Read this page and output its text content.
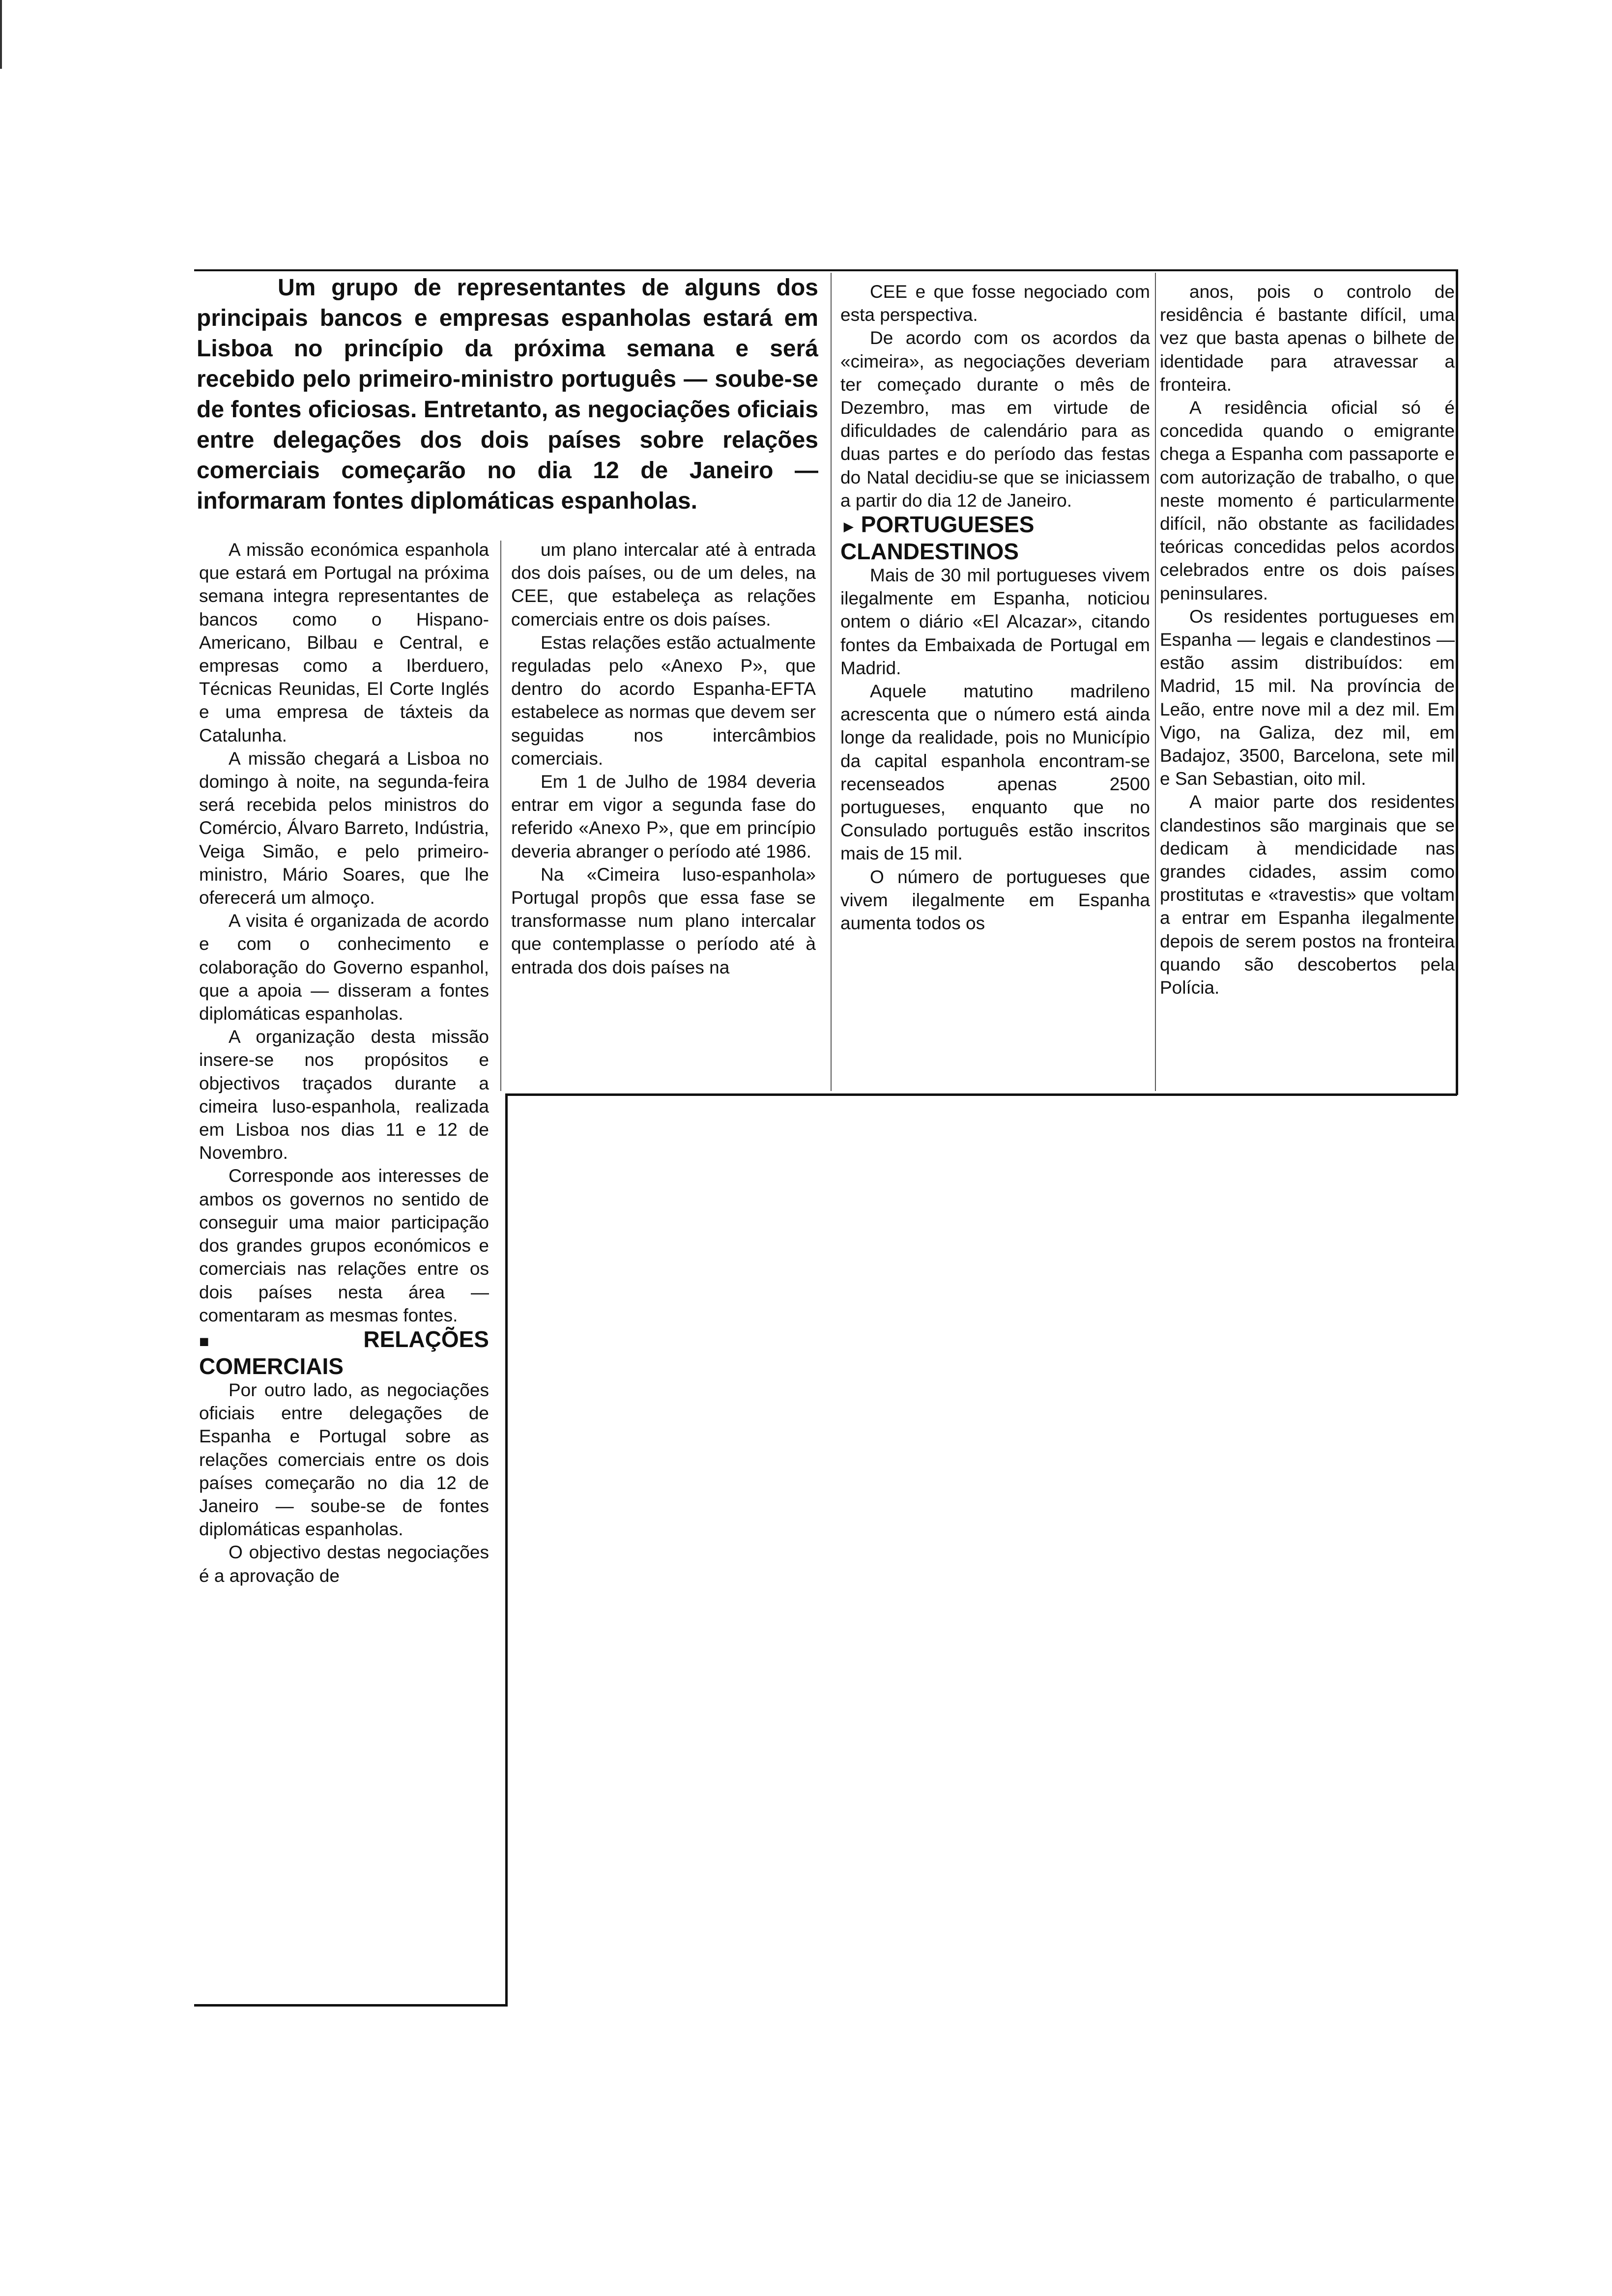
Um grupo de representantes de alguns dos principais bancos e empresas espanholas estará em Lisboa no princípio da próxima semana e será recebido pelo primeiro-ministro português — soube-se de fontes oficiosas. Entretanto, as negociações oficiais entre delegações dos dois países sobre relações comerciais começarão no dia 12 de Janeiro — informaram fontes diplomáticas espanholas.

A missão económica espanhola que estará em Portugal na próxima semana integra representantes de bancos como o Hispano-Americano, Bilbau e Central, e empresas como a Iberduero, Técnicas Reunidas, El Corte Inglés e uma empresa de táxteis da Catalunha.

A missão chegará a Lisboa no domingo à noite, na segunda-feira será recebida pelos ministros do Comércio, Álvaro Barreto, Indústria, Veiga Simão, e pelo primeiro-ministro, Mário Soares, que lhe oferecerá um almoço.

A visita é organizada de acordo e com o conhecimento e colaboração do Governo espanhol, que a apoia — disseram a fontes diplomáticas espanholas.

A organização desta missão insere-se nos propósitos e objectivos traçados durante a cimeira luso-espanhola, realizada em Lisboa nos dias 11 e 12 de Novembro.

Corresponde aos interesses de ambos os governos no sentido de conseguir uma maior participação dos grandes grupos económicos e comerciais nas relações entre os dois países nesta área — comentaram as mesmas fontes.

■ RELAÇÕES COMERCIAIS

Por outro lado, as negociações oficiais entre delegações de Espanha e Portugal sobre as relações comerciais entre os dois países começarão no dia 12 de Janeiro — soube-se de fontes diplomáticas espanholas.

O objectivo destas negociações é a aprovação de

um plano intercalar até à entrada dos dois países, ou de um deles, na CEE, que estabeleça as relações comerciais entre os dois países.

Estas relações estão actualmente reguladas pelo «Anexo P», que dentro do acordo Espanha-EFTA estabelece as normas que devem ser seguidas nos intercâmbios comerciais.

Em 1 de Julho de 1984 deveria entrar em vigor a segunda fase do referido «Anexo P», que em princípio deveria abranger o período até 1986.

Na «Cimeira luso-espanhola» Portugal propôs que essa fase se transformasse num plano intercalar que contemplasse o período até à entrada dos dois países na

CEE e que fosse negociado com esta perspectiva.

De acordo com os acordos da «cimeira», as negociações deveriam ter começado durante o mês de Dezembro, mas em virtude de dificuldades de calendário para as duas partes e do período das festas do Natal decidiu-se que se iniciassem a partir do dia 12 de Janeiro.

► PORTUGUESES CLANDESTINOS

Mais de 30 mil portugueses vivem ilegalmente em Espanha, noticiou ontem o diário «El Alcazar», citando fontes da Embaixada de Portugal em Madrid.

Aquele matutino madrileno acrescenta que o número está ainda longe da realidade, pois no Município da capital espanhola encontram-se recenseados apenas 2500 portugueses, enquanto que no Consulado português estão inscritos mais de 15 mil.

O número de portugueses que vivem ilegalmente em Espanha aumenta todos os

anos, pois o controlo de residência é bastante difícil, uma vez que basta apenas o bilhete de identidade para atravessar a fronteira.

A residência oficial só é concedida quando o emigrante chega a Espanha com passaporte e com autorização de trabalho, o que neste momento é particularmente difícil, não obstante as facilidades teóricas concedidas pelos acordos celebrados entre os dois países peninsulares.

Os residentes portugueses em Espanha — legais e clandestinos — estão assim distribuídos: em Madrid, 15 mil. Na província de Leão, entre nove mil a dez mil. Em Vigo, na Galiza, dez mil, em Badajoz, 3500, Barcelona, sete mil e San Sebastian, oito mil.

A maior parte dos residentes clandestinos são marginais que se dedicam à mendicidade nas grandes cidades, assim como prostitutas e «travestis» que voltam a entrar em Espanha ilegalmente depois de serem postos na fronteira quando são descobertos pela Polícia.
